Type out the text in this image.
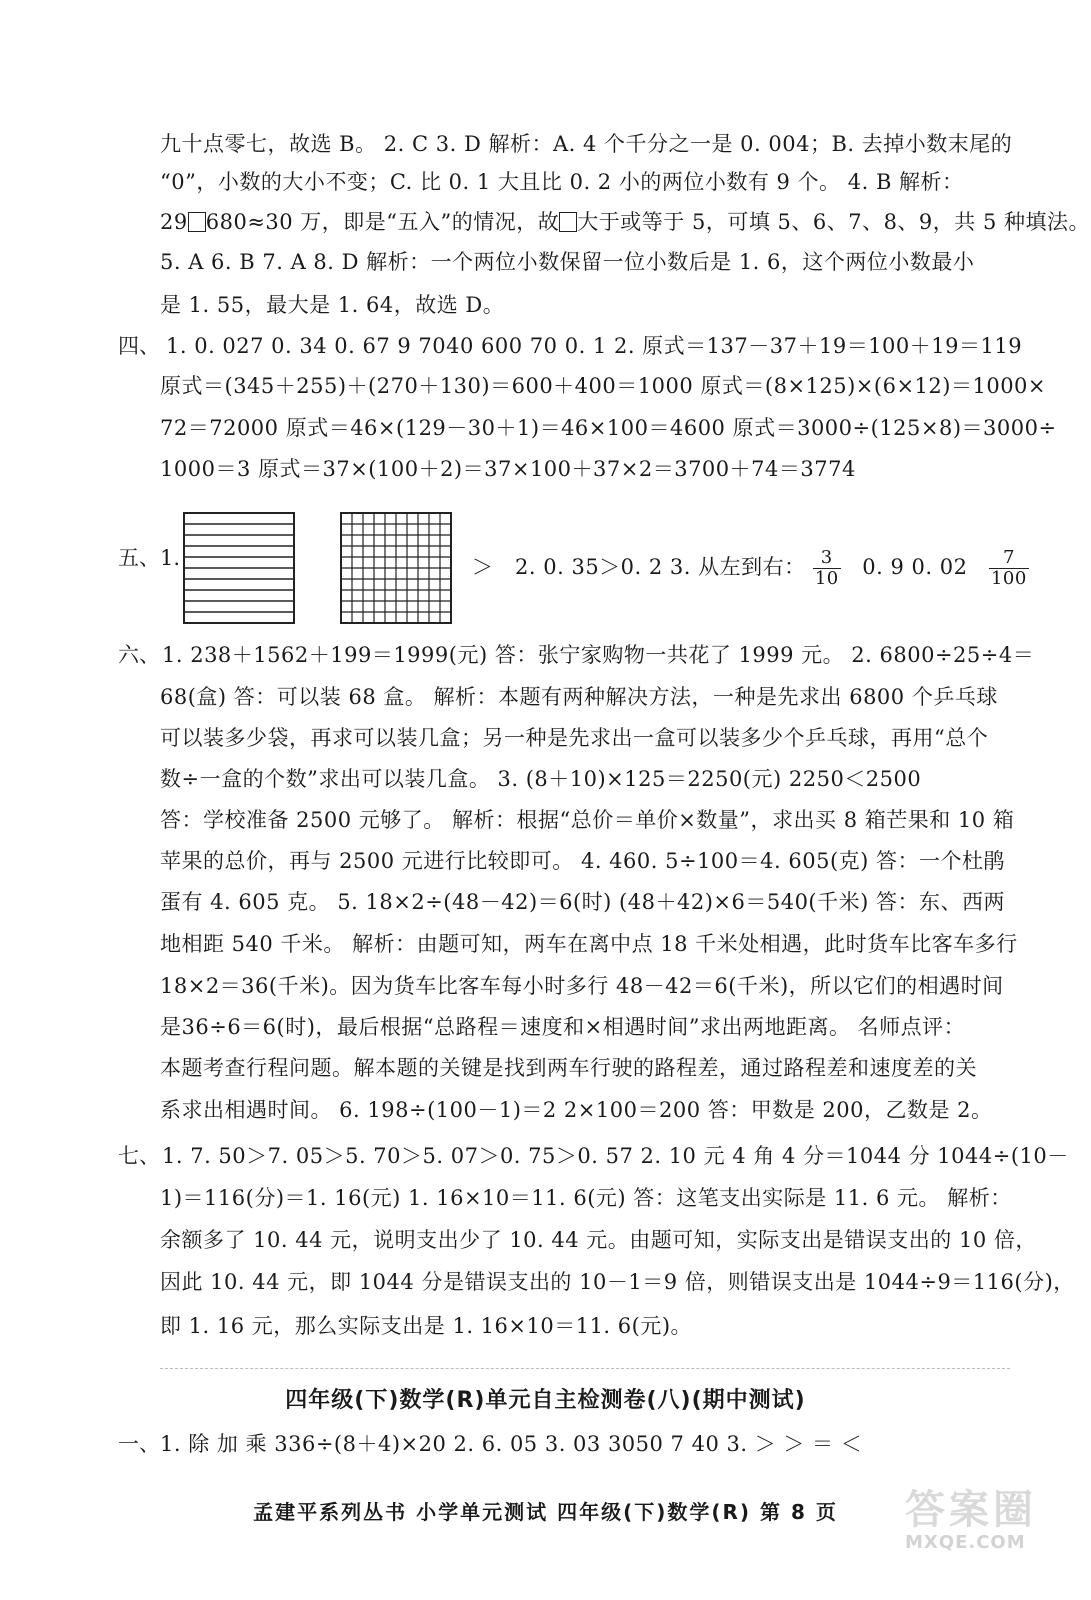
九十点零七，故选 B。 2. C 3. D 解析：A. 4 个千分之一是 0. 004；B. 去掉小数末尾的
“0”，小数的大小不变；C. 比 0. 1 大且比 0. 2 小的两位小数有 9 个。 4. B 解析：
29 680≈30 万，即是“五入”的情况，故 大于或等于 5，可填 5、6、7、8、9，共 5 种填法。
5. A 6. B 7. A 8. D 解析：一个两位小数保留一位小数后是 1. 6，这个两位小数最小
是 1. 55，最大是 1. 64，故选 D。
四、 1. 0. 027 0. 34 0. 67 9 7040 600 70 0. 1 2. 原式＝137－37＋19＝100＋19＝119
原式＝(345＋255)＋(270＋130)＝600＋400＝1000 原式＝(8×125)×(6×12)＝1000×
72＝72000 原式＝46×(129－30＋1)＝46×100＝4600 原式＝3000÷(125×8)＝3000÷
1000＝3 原式＝37×(100＋2)＝37×100＋37×2＝3700＋74＝3774
五、1.	＞ 2. 0. 35＞0. 2 3. 从左到右： $\frac{3}{10} 0$. 9 0. $02 \frac{7}{100}$
六、 1. 238＋1562＋199＝1999(元) 答：张宁家购物一共花了 1999 元。 2. 6800÷25÷4＝
68(盒) 答：可以装 68 盒。 解析：本题有两种解决方法，一种是先求出 6800 个乒乓球
可以装多少袋，再求可以装几盒；另一种是先求出一盒可以装多少个乒乓球，再用“总个
数÷一盒的个数”求出可以装几盒。 3. (8＋10)×125＝2250(元) 2250＜2500
答：学校准备 2500 元够了。 解析：根据“总价＝单价×数量”，求出买 8 箱芒果和 10 箱
苹果的总价，再与 2500 元进行比较即可。 4. 460. 5÷100＝4. 605(克) 答：一个杜鹃
蛋有 4. 605 克。 5. 18×2÷(48－42)＝6(时) (48＋42)×6＝540(千米) 答：东、西两
地相距 540 千米。 解析：由题可知，两车在离中点 18 千米处相遇，此时货车比客车多行
18×2＝36(千米)。因为货车比客车每小时多行 48－42＝6(千米)，所以它们的相遇时间
是36÷6＝6(时)，最后根据“总路程＝速度和×相遇时间”求出两地距离。 名师点评：
本题考查行程问题。解本题的关键是找到两车行驶的路程差，通过路程差和速度差的关
系求出相遇时间。 6. 198÷(100－1)＝2 2×100＝200 答：甲数是 200，乙数是 2。
七、 1. 7. 50＞7. 05＞5. 70＞5. 07＞0. 75＞0. 57 2. 10 元 4 角 4 分＝1044 分 1044÷(10－
1)＝116(分)＝1. 16(元) 1. 16×10＝11. 6(元) 答：这笔支出实际是 11. 6 元。 解析：
余额多了 10. 44 元，说明支出少了 10. 44 元。由题可知，实际支出是错误支出的 10 倍，
因此 10. 44 元，即 1044 分是错误支出的 10－1＝9 倍，则错误支出是 1044÷9＝116(分)，
即 1. 16 元，那么实际支出是 1. 16×10＝11. 6(元)。
四年级(下)数学(R)单元自主检测卷(八)(期中测试)
一、 1. 除 加 乘 336÷(8＋4)×20 2. 6. 05 3. 03 3050 7 40 3. ＞ ＞ ＝ ＜
孟建平系列丛书 小学单元测试 四年级(下)数学(R) 第 8 页	答案圈
MXQE.COM
